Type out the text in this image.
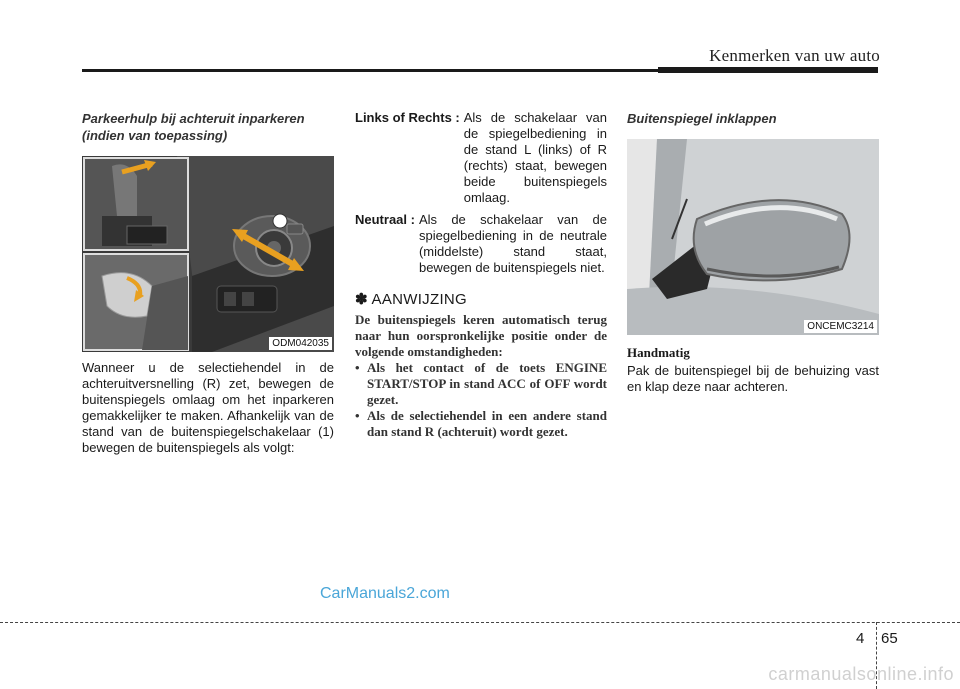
Kenmerken van uw auto
Parkeerhulp bij achteruit inparkeren
(indien van toepassing)
ODM042035

Wanneer u de selectiehendel in de achteruitversnelling (R) zet, bewegen de buitenspiegels omlaag om het inparkeren gemakkelijker te maken. Afhankelijk van de stand van de buitenspiegelschakelaar (1) bewegen de buitenspiegels als volgt:

Links of Rechts : Als de schakelaar van de spiegelbediening in de stand L (links) of R (rechts) staat, bewegen beide buitenspiegels omlaag.
Neutraal : Als de schakelaar van de spiegelbediening in de neutrale (middelste) stand staat, bewegen de buitenspiegels niet.
✽ AANWIJZING

De buitenspiegels keren automatisch terug naar hun oorspronkelijke positie onder de volgende omstandigheden:

• Als het contact of de toets ENGINE START/STOP in stand ACC of OFF wordt gezet.
• Als de selectiehendel in een andere stand dan stand R (achteruit) wordt gezet.
Buitenspiegel inklappen
ONCEMC3214
Handmatig

Pak de buitenspiegel bij de behuizing vast en klap deze naar achteren.

CarManuals2.com
4 65
carmanualsonline.info
